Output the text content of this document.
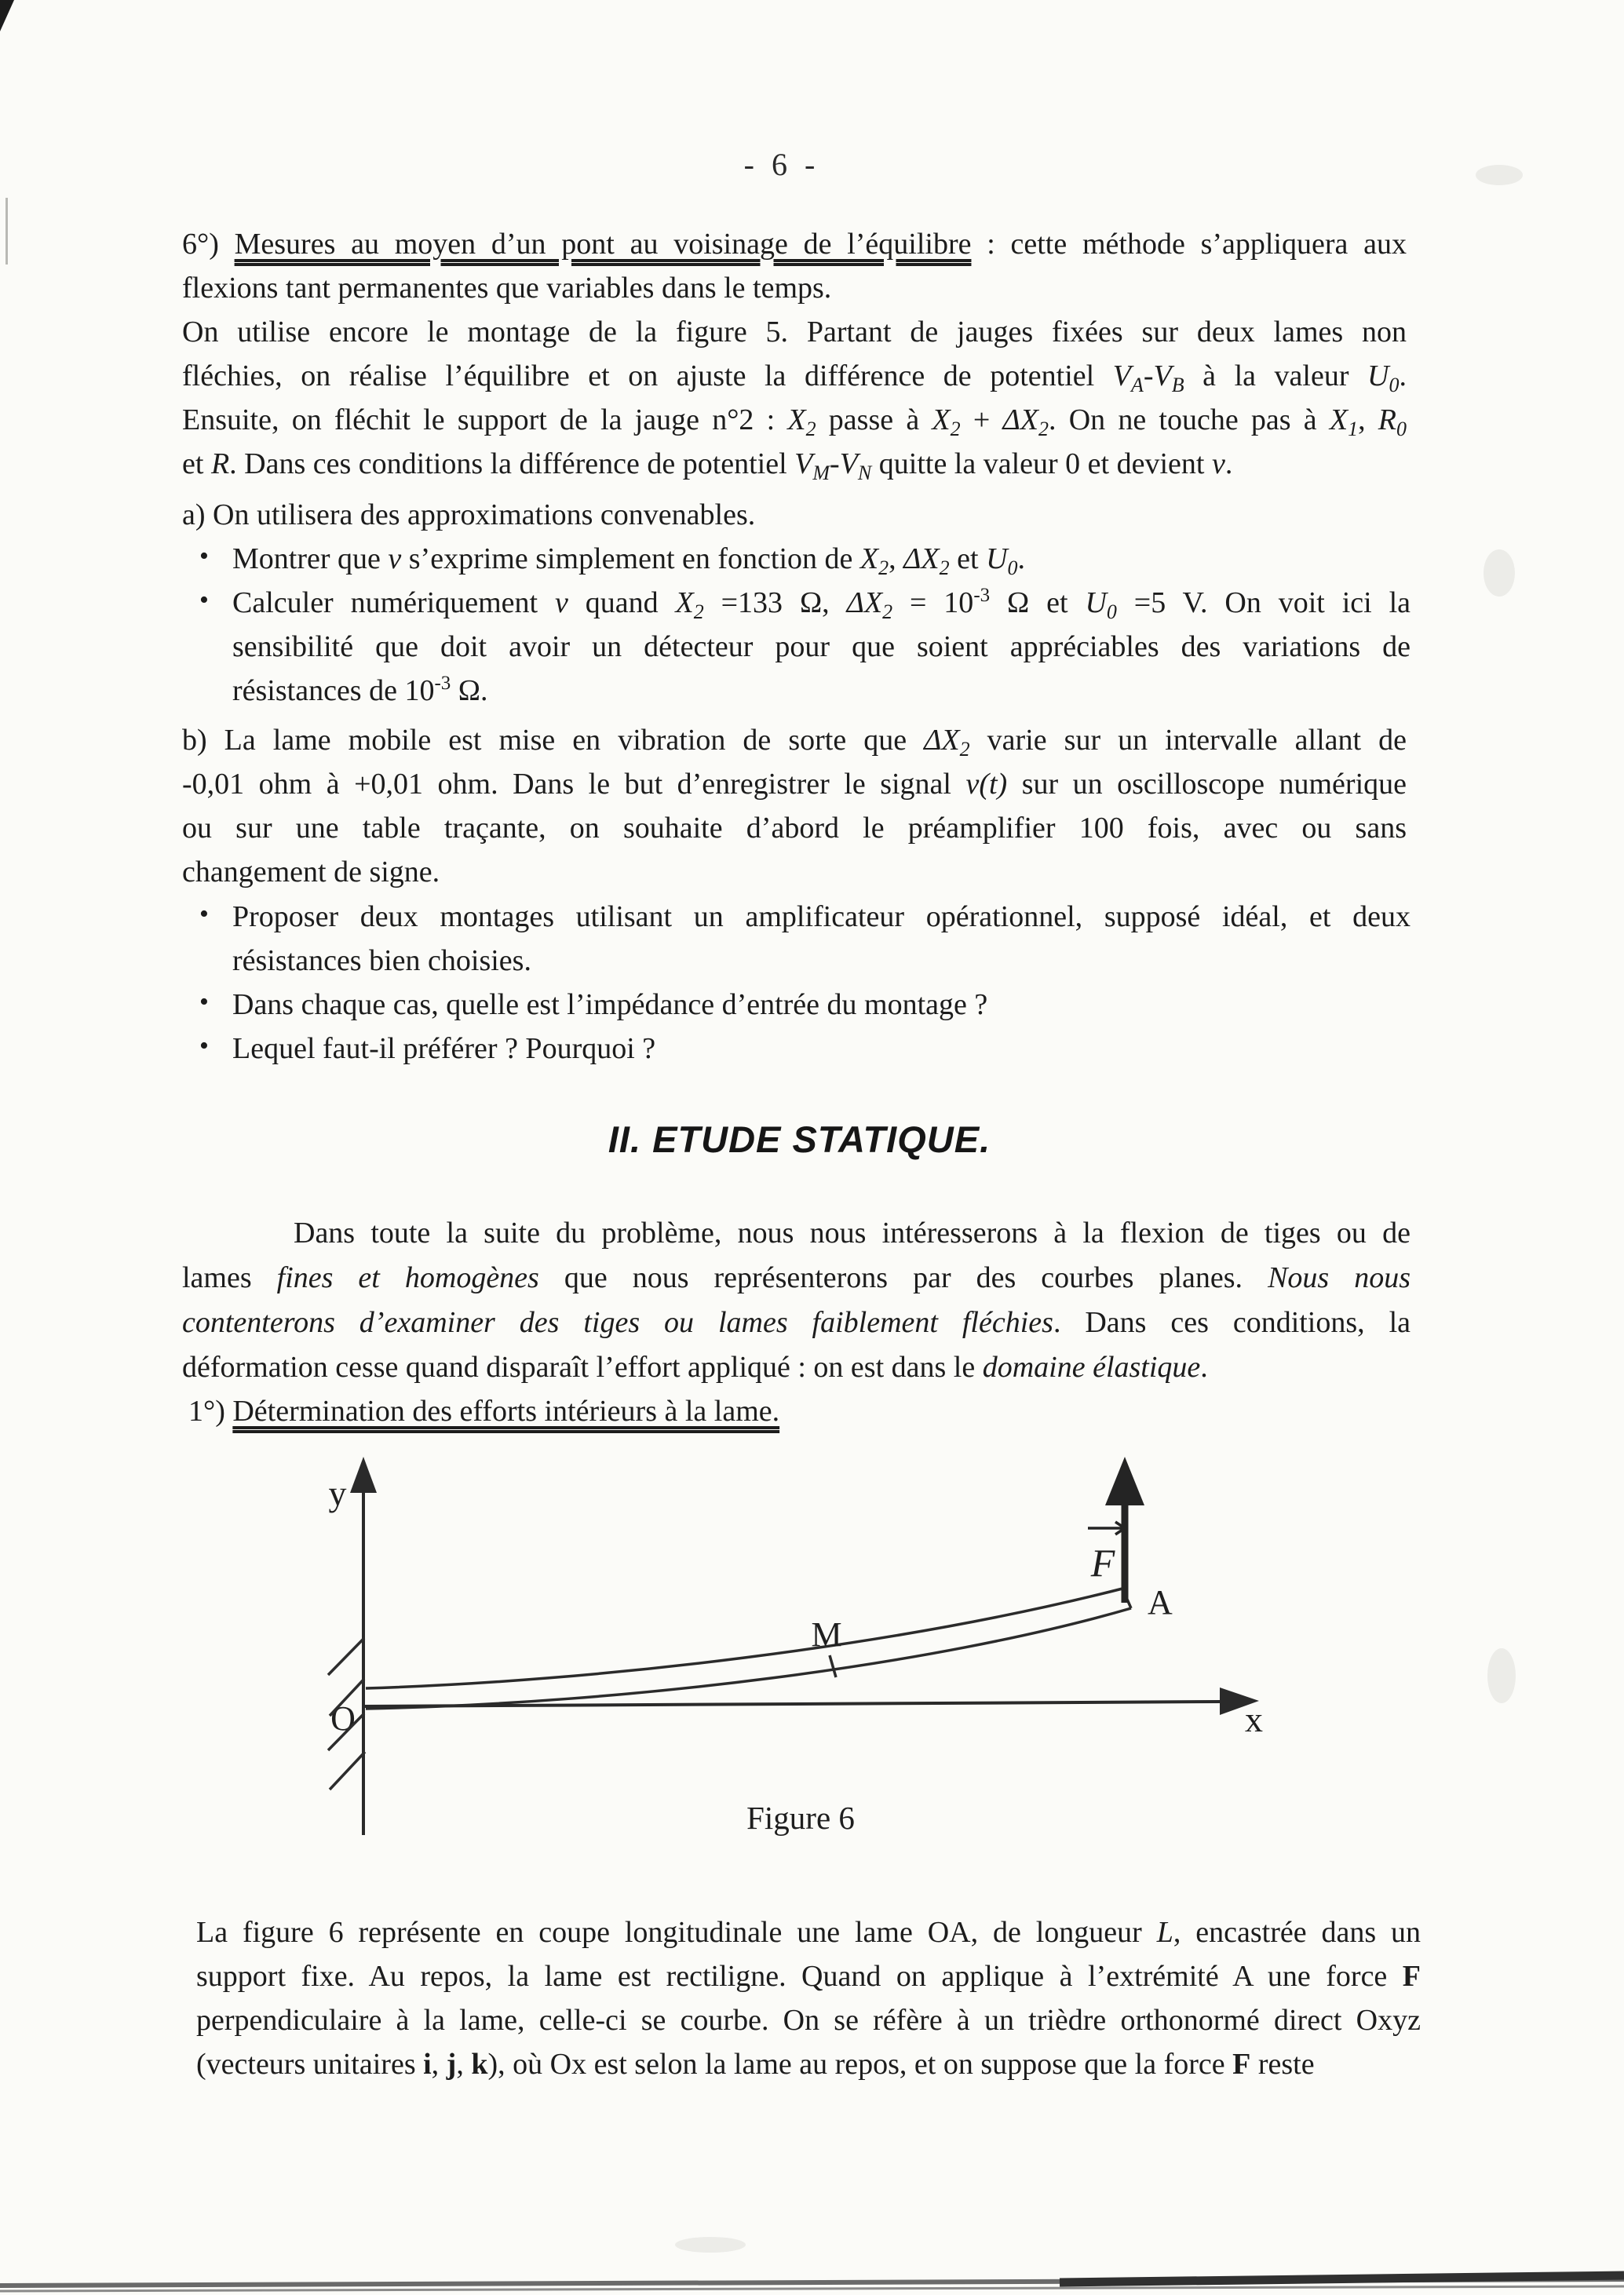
- 6 -
6°) Mesures au moyen d’un pont au voisinage de l’équilibre : cette méthode s’appliquera aux
flexions tant permanentes que variables dans le temps.
On utilise encore le montage de la figure 5. Partant de jauges fixées sur deux lames non
fléchies, on réalise l’équilibre et on ajuste la différence de potentiel $V_A-V_B$ à la valeur $U_0$.
Ensuite, on fléchit le support de la jauge n°2 : $X_2$ passe à $X_2 + \Delta X_2$. On ne touche pas à $X_1$, $R_0$
et R. Dans ces conditions la différence de potentiel $V_M-V_N$ quitte la valeur 0 et devient v.
a) On utilisera des approximations convenables.
• Montrer que v s’exprime simplement en fonction de $X_2$, $\Delta X_2$ et $U_0$.
• Calculer numériquement v quand $X_2 =133$ Ω, $\Delta X_2 = 10^{-3}$ Ω et $U_0 =5$ V. On voit ici la
sensibilité que doit avoir un détecteur pour que soient appréciables des variations de
résistances de $10^{-3}$ Ω.
b) La lame mobile est mise en vibration de sorte que $\Delta X_2$ varie sur un intervalle allant de
-0,01 ohm à +0,01 ohm. Dans le but d’enregistrer le signal v(t) sur un oscilloscope numérique
ou sur une table traçante, on souhaite d’abord le préamplifier 100 fois, avec ou sans
changement de signe.
• Proposer deux montages utilisant un amplificateur opérationnel, supposé idéal, et deux
résistances bien choisies.
• Dans chaque cas, quelle est l’impédance d’entrée du montage ?
• Lequel faut-il préférer ? Pourquoi ?
II. ETUDE STATIQUE.
Dans toute la suite du problème, nous nous intéresserons à la flexion de tiges ou de
lames fines et homogènes que nous représenterons par des courbes planes. Nous nous
contenterons d’examiner des tiges ou lames faiblement fléchies. Dans ces conditions, la
déformation cesse quand disparaît l’effort appliqué : on est dans le domaine élastique.
1°) Détermination des efforts intérieurs à la lame.
y
x
O
M
A
F
Figure 6
La figure 6 représente en coupe longitudinale une lame OA, de longueur L, encastrée dans un
support fixe. Au repos, la lame est rectiligne. Quand on applique à l’extrémité A une force F
perpendiculaire à la lame, celle-ci se courbe. On se réfère à un trièdre orthonormé direct Oxyz
(vecteurs unitaires i, j, k), où Ox est selon la lame au repos, et on suppose que la force F reste
